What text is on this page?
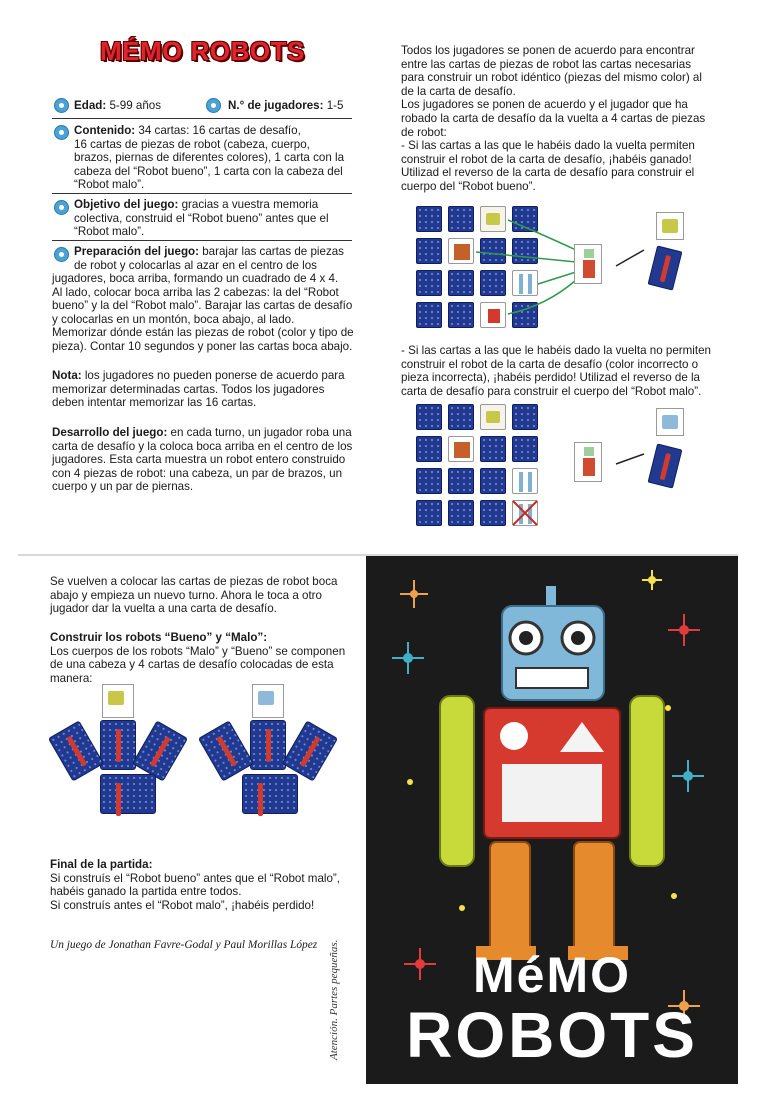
MÉMO ROBOTS
Edad: 5-99 años	N.° de jugadores: 1-5
Contenido: 34 cartas: 16 cartas de desafío,
16 cartas de piezas de robot (cabeza, cuerpo,
brazos, piernas de diferentes colores), 1 carta con la
cabeza del “Robot bueno”, 1 carta con la cabeza del
“Robot malo”.
Objetivo del juego: gracias a vuestra memoria
colectiva, construid el “Robot bueno” antes que el
“Robot malo”.
Preparación del juego: barajar las cartas de piezas
de robot y colocarlas al azar en el centro de los
jugadores, boca arriba, formando un cuadrado de 4 x 4.
Al lado, colocar boca arriba las 2 cabezas: la del “Robot
bueno” y la del “Robot malo”. Barajar las cartas de desafío
y colocarlas en un montón, boca abajo, al lado.
Memorizar dónde están las piezas de robot (color y tipo de
pieza). Contar 10 segundos y poner las cartas boca abajo.
Nota: los jugadores no pueden ponerse de acuerdo para
memorizar determinadas cartas. Todos los jugadores
deben intentar memorizar las 16 cartas.
Desarrollo del juego: en cada turno, un jugador roba una
carta de desafío y la coloca boca arriba en el centro de los
jugadores. Esta carta muestra un robot entero construido
con 4 piezas de robot: una cabeza, un par de brazos, un
cuerpo y un par de piernas.
Todos los jugadores se ponen de acuerdo para encontrar
entre las cartas de piezas de robot las cartas necesarias
para construir un robot idéntico (piezas del mismo color) al
de la carta de desafío.
Los jugadores se ponen de acuerdo y el jugador que ha
robado la carta de desafío da la vuelta a 4 cartas de piezas
de robot:
- Si las cartas a las que le habéis dado la vuelta permiten
construir el robot de la carta de desafío, ¡habéis ganado!
Utilizad el reverso de la carta de desafío para construir el
cuerpo del “Robot bueno”.
- Si las cartas a las que le habéis dado la vuelta no permiten
construir el robot de la carta de desafío (color incorrecto o
pieza incorrecta), ¡habéis perdido! Utilizad el reverso de la
carta de desafío para construir el cuerpo del “Robot malo”.
Se vuelven a colocar las cartas de piezas de robot boca
abajo y empieza un nuevo turno. Ahora le toca a otro
jugador dar la vuelta a una carta de desafío.
Construir los robots “Bueno” y “Malo”:
Los cuerpos de los robots “Malo” y “Bueno” se componen
de una cabeza y 4 cartas de desafío colocadas de esta
manera:
Final de la partida:
Si construís el “Robot bueno” antes que el “Robot malo”,
habéis ganado la partida entre todos.
Si construís antes el “Robot malo”, ¡habéis perdido!
Un juego de Jonathan Favre-Godal y Paul Morillas López Atención. Partes pequeñas.	MéMO
ROBOTS
